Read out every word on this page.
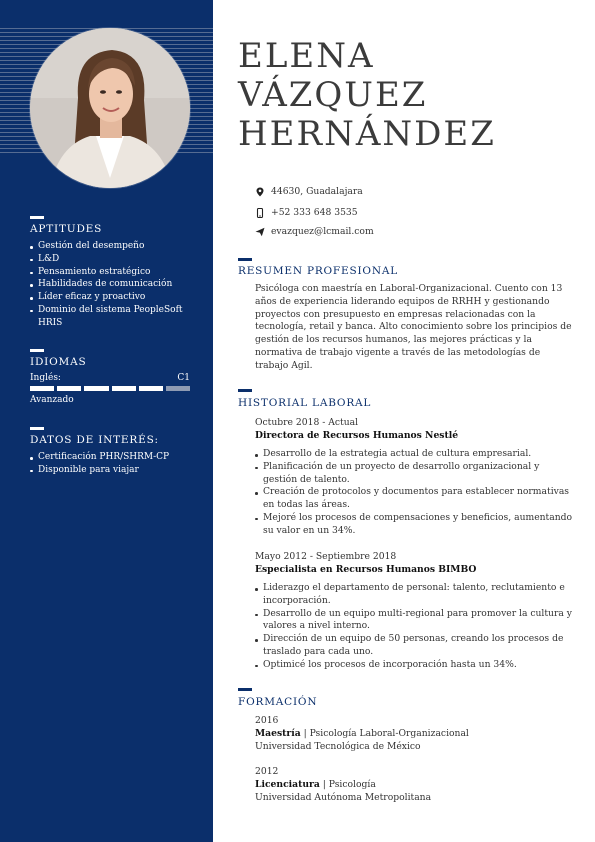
APTITUDES
Gestión del desempeño
L&D
Pensamiento estratégico
Habilidades de comunicación
Líder eficaz y proactivo
Dominio del sistema PeopleSoft HRIS
IDIOMAS
Inglés:	C1
Avanzado
DATOS DE INTERÉS:
Certificación PHR/SHRM-CP
Disponible para viajar
ELENA
VÁZQUEZ
HERNÁNDEZ
44630, Guadalajara
+52 333 648 3535
evazquez@lcmail.com
RESUMEN PROFESIONAL

Psicóloga con maestría en Laboral-Organizacional. Cuento con 13 años de experiencia liderando equipos de RRHH y gestionando proyectos con presupuesto en empresas relacionadas con la tecnología, retail y banca. Alto conocimiento sobre los principios de gestión de los recursos humanos, las mejores prácticas y la normativa de trabajo vigente a través de las metodologías de trabajo Agil.

HISTORIAL LABORAL
Octubre 2018 - Actual
Directora de Recursos Humanos Nestlé
Desarrollo de la estrategia actual de cultura empresarial.
Planificación de un proyecto de desarrollo organizacional y gestión de talento.
Creación de protocolos y documentos para establecer normativas en todas las áreas.
Mejoré los procesos de compensaciones y beneficios, aumentando su valor en un 34%.
Mayo 2012 - Septiembre 2018
Especialista en Recursos Humanos BIMBO
Liderazgo el departamento de personal: talento, reclutamiento e incorporación.
Desarrollo de un equipo multi-regional para promover la cultura y valores a nivel interno.
Dirección de un equipo de 50 personas, creando los procesos de traslado para cada uno.
Optimicé los procesos de incorporación hasta un 34%.
FORMACIÓN
2016
Maestría | Psicología Laboral-Organizacional
Universidad Tecnológica de México
2012
Licenciatura | Psicología
Universidad Autónoma Metropolitana
